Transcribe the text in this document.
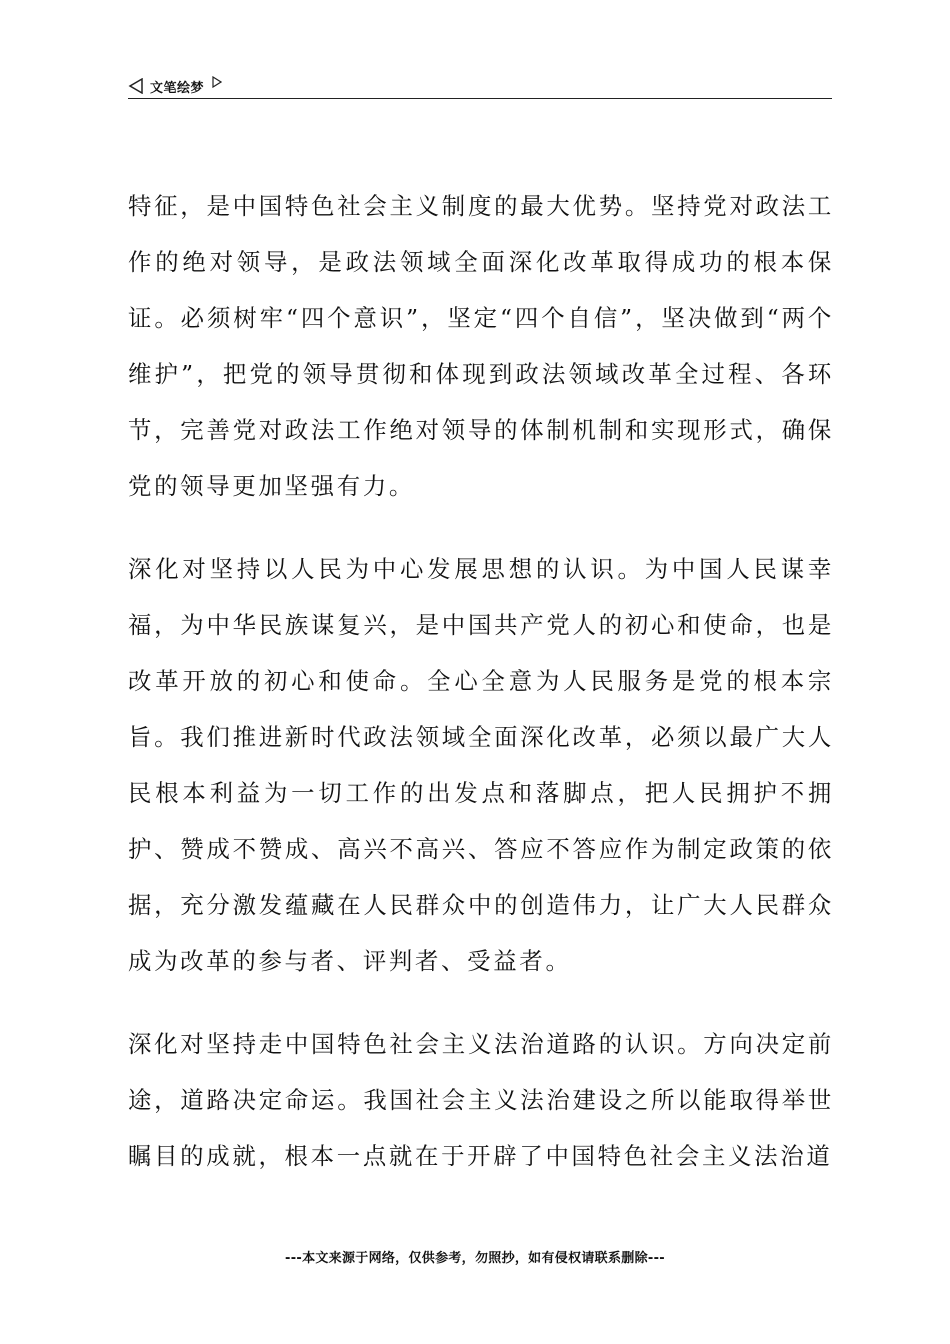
文笔绘梦

特征，是中国特色社会主义制度的最大优势。坚持党对政法工作的绝对领导，是政法领域全面深化改革取得成功的根本保证。必须树牢“四个意识”，坚定“四个自信”，坚决做到“两个维护”，把党的领导贯彻和体现到政法领域改革全过程、各环节，完善党对政法工作绝对领导的体制机制和实现形式，确保党的领导更加坚强有力。

深化对坚持以人民为中心发展思想的认识。为中国人民谋幸福，为中华民族谋复兴，是中国共产党人的初心和使命，也是改革开放的初心和使命。全心全意为人民服务是党的根本宗旨。我们推进新时代政法领域全面深化改革，必须以最广大人民根本利益为一切工作的出发点和落脚点，把人民拥护不拥护、赞成不赞成、高兴不高兴、答应不答应作为制定政策的依据，充分激发蕴藏在人民群众中的创造伟力，让广大人民群众成为改革的参与者、评判者、受益者。

深化对坚持走中国特色社会主义法治道路的认识。方向决定前途，道路决定命运。我国社会主义法治建设之所以能取得举世瞩目的成就，根本一点就在于开辟了中国特色社会主义法治道

---本文来源于网络，仅供参考，勿照抄，如有侵权请联系删除---
